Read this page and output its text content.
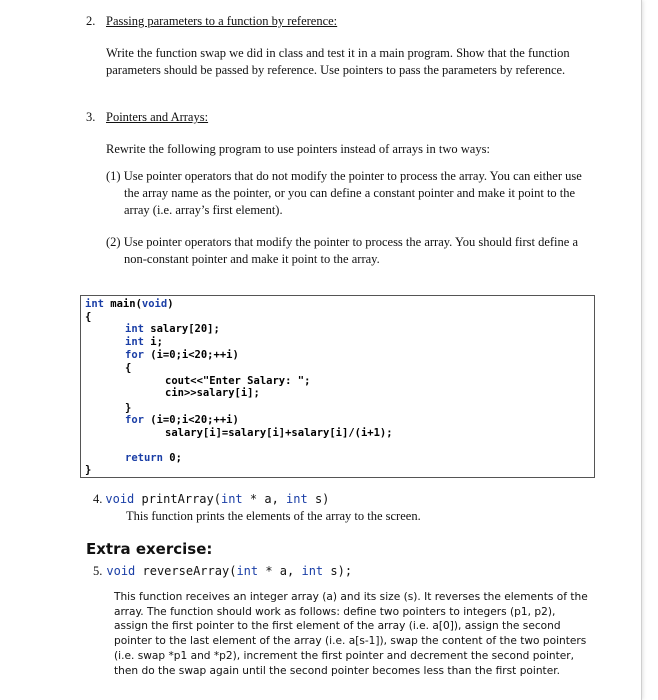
2. Passing parameters to a function by reference:
Write the function swap we did in class and test it in a main program. Show that the function parameters should be passed by reference. Use pointers to pass the parameters by reference.
3. Pointers and Arrays:
Rewrite the following program to use pointers instead of arrays in two ways:
(1) Use pointer operators that do not modify the pointer to process the array. You can either use the array name as the pointer, or you can define a constant pointer and make it point to the array (i.e. array’s first element).
(2) Use pointer operators that modify the pointer to process the array. You should first define a non-constant pointer and make it point to the array.
int main(void)
{
int salary[20];
int i;
for (i=0;i<20;++i)
{
cout<<"Enter Salary: ";
cin>>salary[i];
}
for (i=0;i<20;++i)
salary[i]=salary[i]+salary[i]/(i+1);
return 0;
}
4. void printArray(int * a, int s)
This function prints the elements of the array to the screen.
Extra exercise:
5. void reverseArray(int * a, int s);
This function receives an integer array (a) and its size (s). It reverses the elements of the array. The function should work as follows: define two pointers to integers (p1, p2), assign the first pointer to the first element of the array (i.e. a[0]), assign the second pointer to the last element of the array (i.e. a[s-1]), swap the content of the two pointers (i.e. swap *p1 and *p2), increment the first pointer and decrement the second pointer, then do the swap again until the second pointer becomes less than the first pointer.
